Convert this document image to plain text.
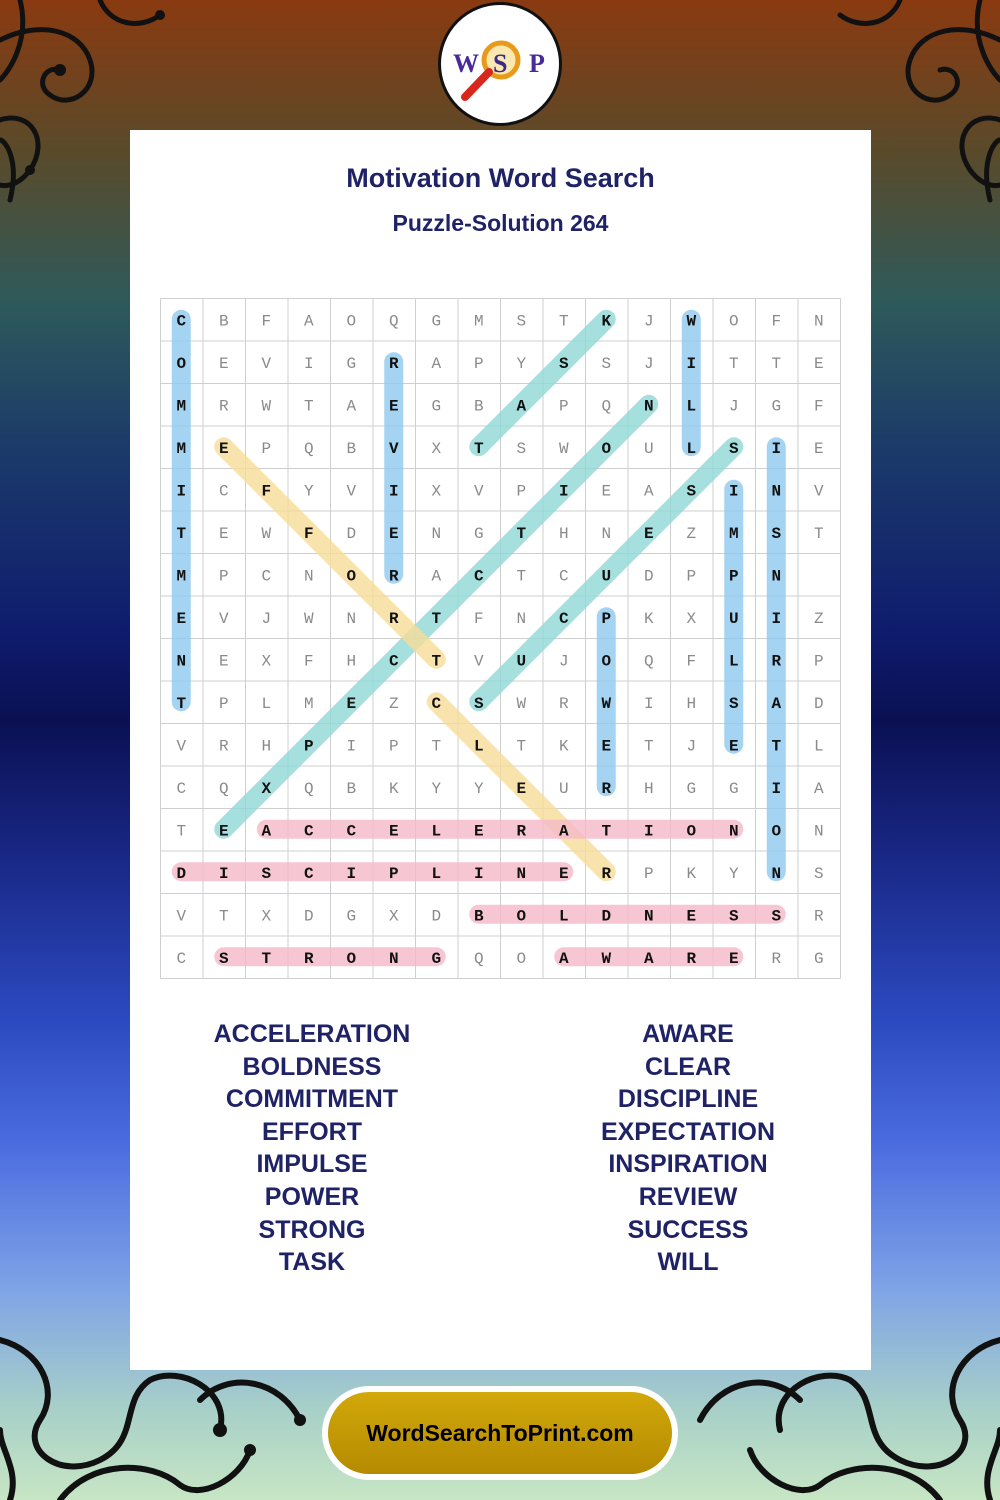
W S P
Motivation Word Search
Puzzle-Solution 264
C B F A O Q G M S T K J W O F N
O E V I G R A P Y S S J I T T E
M R W T A E G B A P Q N L J G F
M E P Q B V X T S W O U L S I E
I C F Y V I X V P I E A S I N V
T E W F D E N G T H N E Z M S T
M P C N O R A C T C U D P P N
E V J W N R T F N C P K X U I Z
N E X F H C T V U J O Q F L R P
T P L M E Z C S W R W I H S A D
V R H P I P T L T K E T J E T L
C Q X Q B K Y Y E U R H G G I A
T E A C C E L E R A T I O N O N
D I S C I P L I N E R P K Y N S
V T X D G X D B O L D N E S S R
C S T R O N G Q O A W A R E R G
ACCELERATION
BOLDNESS
COMMITMENT
EFFORT
IMPULSE
POWER
STRONG
TASK
AWARE
CLEAR
DISCIPLINE
EXPECTATION
INSPIRATION
REVIEW
SUCCESS
WILL
WordSearchToPrint.com
